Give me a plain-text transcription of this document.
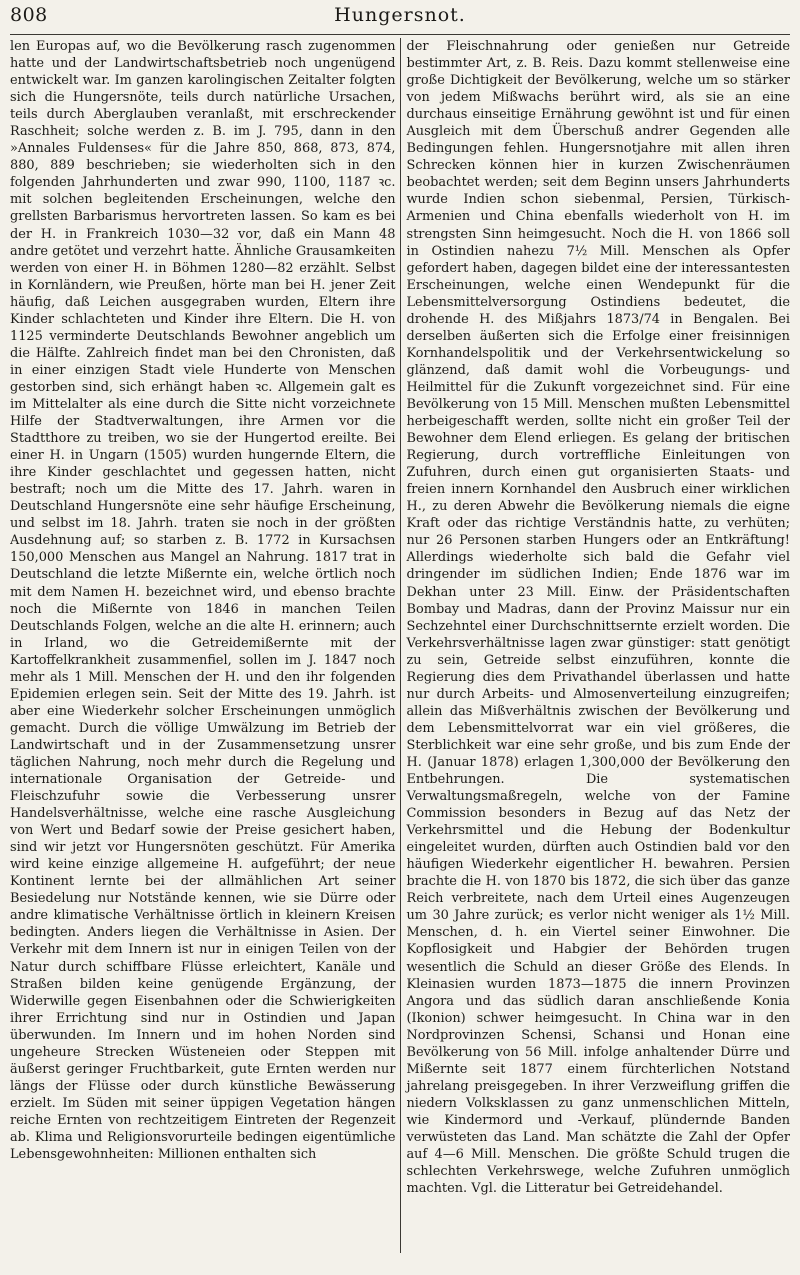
808	Hungersnot.

len Europas auf, wo die Bevölkerung rasch zugenommen hatte und der Landwirtschaftsbetrieb noch ungenügend entwickelt war. Im ganzen karolingischen Zeitalter folgten sich die Hungersnöte, teils durch natürliche Ursachen, teils durch Aberglauben veranlaßt, mit erschreckender Raschheit; solche werden z. B. im J. 795, dann in den »Annales Fuldenses« für die Jahre 850, 868, 873, 874, 880, 889 beschrieben; sie wiederholten sich in den folgenden Jahrhunderten und zwar 990, 1100, 1187 ꝛc. mit solchen begleitenden Erscheinungen, welche den grellsten Barbarismus hervortreten lassen. So kam es bei der H. in Frankreich 1030—32 vor, daß ein Mann 48 andre getötet und verzehrt hatte. Ähnliche Grausamkeiten werden von einer H. in Böhmen 1280—82 erzählt. Selbst in Kornländern, wie Preußen, hörte man bei H. jener Zeit häufig, daß Leichen ausgegraben wurden, Eltern ihre Kinder schlachteten und Kinder ihre Eltern. Die H. von 1125 verminderte Deutschlands Bewohner angeblich um die Hälfte. Zahlreich findet man bei den Chronisten, daß in einer einzigen Stadt viele Hunderte von Menschen gestorben sind, sich erhängt haben ꝛc. Allgemein galt es im Mittelalter als eine durch die Sitte nicht vorzeichnete Hilfe der Stadtverwaltungen, ihre Armen vor die Stadtthore zu treiben, wo sie der Hungertod ereilte. Bei einer H. in Ungarn (1505) wurden hungernde Eltern, die ihre Kinder geschlachtet und gegessen hatten, nicht bestraft; noch um die Mitte des 17. Jahrh. waren in Deutschland Hungersnöte eine sehr häufige Erscheinung, und selbst im 18. Jahrh. traten sie noch in der größten Ausdehnung auf; so starben z. B. 1772 in Kursachsen 150,000 Menschen aus Mangel an Nahrung. 1817 trat in Deutschland die letzte Mißernte ein, welche örtlich noch mit dem Namen H. bezeichnet wird, und ebenso brachte noch die Mißernte von 1846 in manchen Teilen Deutschlands Folgen, welche an die alte H. erinnern; auch in Irland, wo die Getreidemißernte mit der Kartoffelkrankheit zusammenfiel, sollen im J. 1847 noch mehr als 1 Mill. Menschen der H. und den ihr folgenden Epidemien erlegen sein. Seit der Mitte des 19. Jahrh. ist aber eine Wiederkehr solcher Erscheinungen unmöglich gemacht. Durch die völlige Umwälzung im Betrieb der Landwirtschaft und in der Zusammensetzung unsrer täglichen Nahrung, noch mehr durch die Regelung und internationale Organisation der Getreide- und Fleischzufuhr sowie die Verbesserung unsrer Handelsverhältnisse, welche eine rasche Ausgleichung von Wert und Bedarf sowie der Preise gesichert haben, sind wir jetzt vor Hungersnöten geschützt. Für Amerika wird keine einzige allgemeine H. aufgeführt; der neue Kontinent lernte bei der allmählichen Art seiner Besiedelung nur Notstände kennen, wie sie Dürre oder andre klimatische Verhältnisse örtlich in kleinern Kreisen bedingten. Anders liegen die Verhältnisse in Asien. Der Verkehr mit dem Innern ist nur in einigen Teilen von der Natur durch schiffbare Flüsse erleichtert, Kanäle und Straßen bilden keine genügende Ergänzung, der Widerwille gegen Eisenbahnen oder die Schwierigkeiten ihrer Errichtung sind nur in Ostindien und Japan überwunden. Im Innern und im hohen Norden sind ungeheure Strecken Wüsteneien oder Steppen mit äußerst geringer Fruchtbarkeit, gute Ernten werden nur längs der Flüsse oder durch künstliche Bewässerung erzielt. Im Süden mit seiner üppigen Vegetation hängen reiche Ernten von rechtzeitigem Eintreten der Regenzeit ab. Klima und Religionsvorurteile bedingen eigentümliche Lebensgewohnheiten: Millionen enthalten sich

der Fleischnahrung oder genießen nur Getreide bestimmter Art, z. B. Reis. Dazu kommt stellenweise eine große Dichtigkeit der Bevölkerung, welche um so stärker von jedem Mißwachs berührt wird, als sie an eine durchaus einseitige Ernährung gewöhnt ist und für einen Ausgleich mit dem Überschuß andrer Gegenden alle Bedingungen fehlen. Hungersnotjahre mit allen ihren Schrecken können hier in kurzen Zwischenräumen beobachtet werden; seit dem Beginn unsers Jahrhunderts wurde Indien schon siebenmal, Persien, Türkisch-Armenien und China ebenfalls wiederholt von H. im strengsten Sinn heimgesucht. Noch die H. von 1866 soll in Ostindien nahezu 7½ Mill. Menschen als Opfer gefordert haben, dagegen bildet eine der interessantesten Erscheinungen, welche einen Wendepunkt für die Lebensmittelversorgung Ostindiens bedeutet, die drohende H. des Mißjahrs 1873/74 in Bengalen. Bei derselben äußerten sich die Erfolge einer freisinnigen Kornhandelspolitik und der Verkehrsentwickelung so glänzend, daß damit wohl die Vorbeugungs- und Heilmittel für die Zukunft vorgezeichnet sind. Für eine Bevölkerung von 15 Mill. Menschen mußten Lebensmittel herbeigeschafft werden, sollte nicht ein großer Teil der Bewohner dem Elend erliegen. Es gelang der britischen Regierung, durch vortreffliche Einleitungen von Zufuhren, durch einen gut organisierten Staats- und freien innern Kornhandel den Ausbruch einer wirklichen H., zu deren Abwehr die Bevölkerung niemals die eigne Kraft oder das richtige Verständnis hatte, zu verhüten; nur 26 Personen starben Hungers oder an Entkräftung! Allerdings wiederholte sich bald die Gefahr viel dringender im südlichen Indien; Ende 1876 war im Dekhan unter 23 Mill. Einw. der Präsidentschaften Bombay und Madras, dann der Provinz Maissur nur ein Sechzehntel einer Durchschnittsernte erzielt worden. Die Verkehrsverhältnisse lagen zwar günstiger: statt genötigt zu sein, Getreide selbst einzuführen, konnte die Regierung dies dem Privathandel überlassen und hatte nur durch Arbeits- und Almosenverteilung einzugreifen; allein das Mißverhältnis zwischen der Bevölkerung und dem Lebensmittelvorrat war ein viel größeres, die Sterblichkeit war eine sehr große, und bis zum Ende der H. (Januar 1878) erlagen 1,300,000 der Bevölkerung den Entbehrungen. Die systematischen Verwaltungsmaßregeln, welche von der Famine Commission besonders in Bezug auf das Netz der Verkehrsmittel und die Hebung der Bodenkultur eingeleitet wurden, dürften auch Ostindien bald vor den häufigen Wiederkehr eigentlicher H. bewahren. Persien brachte die H. von 1870 bis 1872, die sich über das ganze Reich verbreitete, nach dem Urteil eines Augenzeugen um 30 Jahre zurück; es verlor nicht weniger als 1½ Mill. Menschen, d. h. ein Viertel seiner Einwohner. Die Kopflosigkeit und Habgier der Behörden trugen wesentlich die Schuld an dieser Größe des Elends. In Kleinasien wurden 1873—1875 die innern Provinzen Angora und das südlich daran anschließende Konia (Ikonion) schwer heimgesucht. In China war in den Nordprovinzen Schensi, Schansi und Honan eine Bevölkerung von 56 Mill. infolge anhaltender Dürre und Mißernte seit 1877 einem fürchterlichen Notstand jahrelang preisgegeben. In ihrer Verzweiflung griffen die niedern Volksklassen zu ganz unmenschlichen Mitteln, wie Kindermord und -Verkauf, plündernde Banden verwüsteten das Land. Man schätzte die Zahl der Opfer auf 4—6 Mill. Menschen. Die größte Schuld trugen die schlechten Verkehrswege, welche Zufuhren unmöglich machten. Vgl. die Litteratur bei Getreidehandel.
